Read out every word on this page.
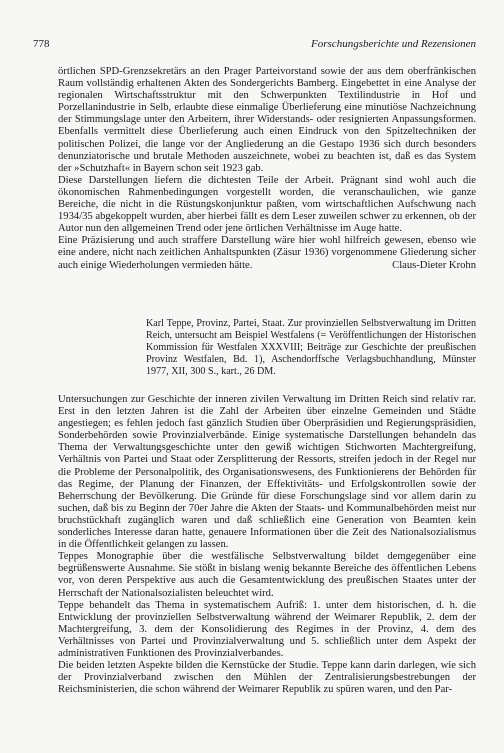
778	Forschungsberichte und Rezensionen

örtlichen SPD-Grenzsekretärs an den Prager Parteivorstand sowie der aus dem oberfränkischen Raum vollständig erhaltenen Akten des Sondergerichts Bamberg. Eingebettet in eine Analyse der regionalen Wirtschaftsstruktur mit den Schwerpunkten Textilindustrie in Hof und Porzellanindustrie in Selb, erlaubte diese einmalige Überlieferung eine minutiöse Nachzeichnung der Stimmungslage unter den Arbeitern, ihrer Widerstands- oder resignierten Anpassungsformen. Ebenfalls vermittelt diese Überlieferung auch einen Eindruck von den Spitzeltechniken der politischen Polizei, die lange vor der Angliederung an die Gestapo 1936 sich durch besonders denunziatorische und brutale Methoden auszeichnete, wobei zu beachten ist, daß es das System der »Schutzhaft« in Bayern schon seit 1923 gab.

Diese Darstellungen liefern die dichtesten Teile der Arbeit. Prägnant sind wohl auch die ökonomischen Rahmenbedingungen vorgestellt worden, die veranschaulichen, wie ganze Bereiche, die nicht in die Rüstungskonjunktur paßten, vom wirtschaftlichen Aufschwung nach 1934/35 abgekoppelt wurden, aber hierbei fällt es dem Leser zuweilen schwer zu erkennen, ob der Autor nun den allgemeinen Trend oder jene örtlichen Verhältnisse im Auge hatte.

Eine Präzisierung und auch straffere Darstellung wäre hier wohl hilfreich gewesen, ebenso wie eine andere, nicht nach zeitlichen Anhaltspunkten (Zäsur 1936) vorgenommene Gliederung sicher auch einige Wiederholungen vermieden hätte.	Claus-Dieter Krohn

Karl Teppe, Provinz, Partei, Staat. Zur provinziellen Selbstverwaltung im Dritten Reich, untersucht am Beispiel Westfalens (= Veröffentlichungen der Historischen Kommission für Westfalen XXXVIII; Beiträge zur Geschichte der preußischen Provinz Westfalen, Bd. 1), Aschendorffsche Verlagsbuchhandlung, Münster 1977, XII, 300 S., kart., 26 DM.

Untersuchungen zur Geschichte der inneren zivilen Verwaltung im Dritten Reich sind relativ rar. Erst in den letzten Jahren ist die Zahl der Arbeiten über einzelne Gemeinden und Städte angestiegen; es fehlen jedoch fast gänzlich Studien über Oberpräsidien und Regierungspräsidien, Sonderbehörden sowie Provinzialverbände. Einige systematische Darstellungen behandeln das Thema der Verwaltungsgeschichte unter den gewiß wichtigen Stichworten Machtergreifung, Verhältnis von Partei und Staat oder Zersplitterung der Ressorts, streifen jedoch in der Regel nur die Probleme der Personalpolitik, des Organisationswesens, des Funktionierens der Behörden für das Regime, der Planung der Finanzen, der Effektivitäts- und Erfolgskontrollen sowie der Beherrschung der Bevölkerung. Die Gründe für diese Forschungslage sind vor allem darin zu suchen, daß bis zu Beginn der 70er Jahre die Akten der Staats- und Kommunalbehörden meist nur bruchstückhaft zugänglich waren und daß schließlich eine Generation von Beamten kein sonderliches Interesse daran hatte, genauere Informationen über die Zeit des Nationalsozialismus in die Öffentlichkeit gelangen zu lassen.

Teppes Monographie über die westfälische Selbstverwaltung bildet demgegenüber eine begrüßenswerte Ausnahme. Sie stößt in bislang wenig bekannte Bereiche des öffentlichen Lebens vor, von deren Perspektive aus auch die Gesamtentwicklung des preußischen Staates unter der Herrschaft der Nationalsozialisten beleuchtet wird.

Teppe behandelt das Thema in systematischem Aufriß: 1. unter dem historischen, d. h. die Entwicklung der provinziellen Selbstverwaltung während der Weimarer Republik, 2. dem der Machtergreifung, 3. dem der Konsolidierung des Regimes in der Provinz, 4. dem des Verhältnisses von Partei und Provinzialverwaltung und 5. schließlich unter dem Aspekt der administrativen Funktionen des Provinzialverbandes.

Die beiden letzten Aspekte bilden die Kernstücke der Studie. Teppe kann darin darlegen, wie sich der Provinzialverband zwischen den Mühlen der Zentralisierungsbestrebungen der Reichsministerien, die schon während der Weimarer Republik zu spüren waren, und den Par-
